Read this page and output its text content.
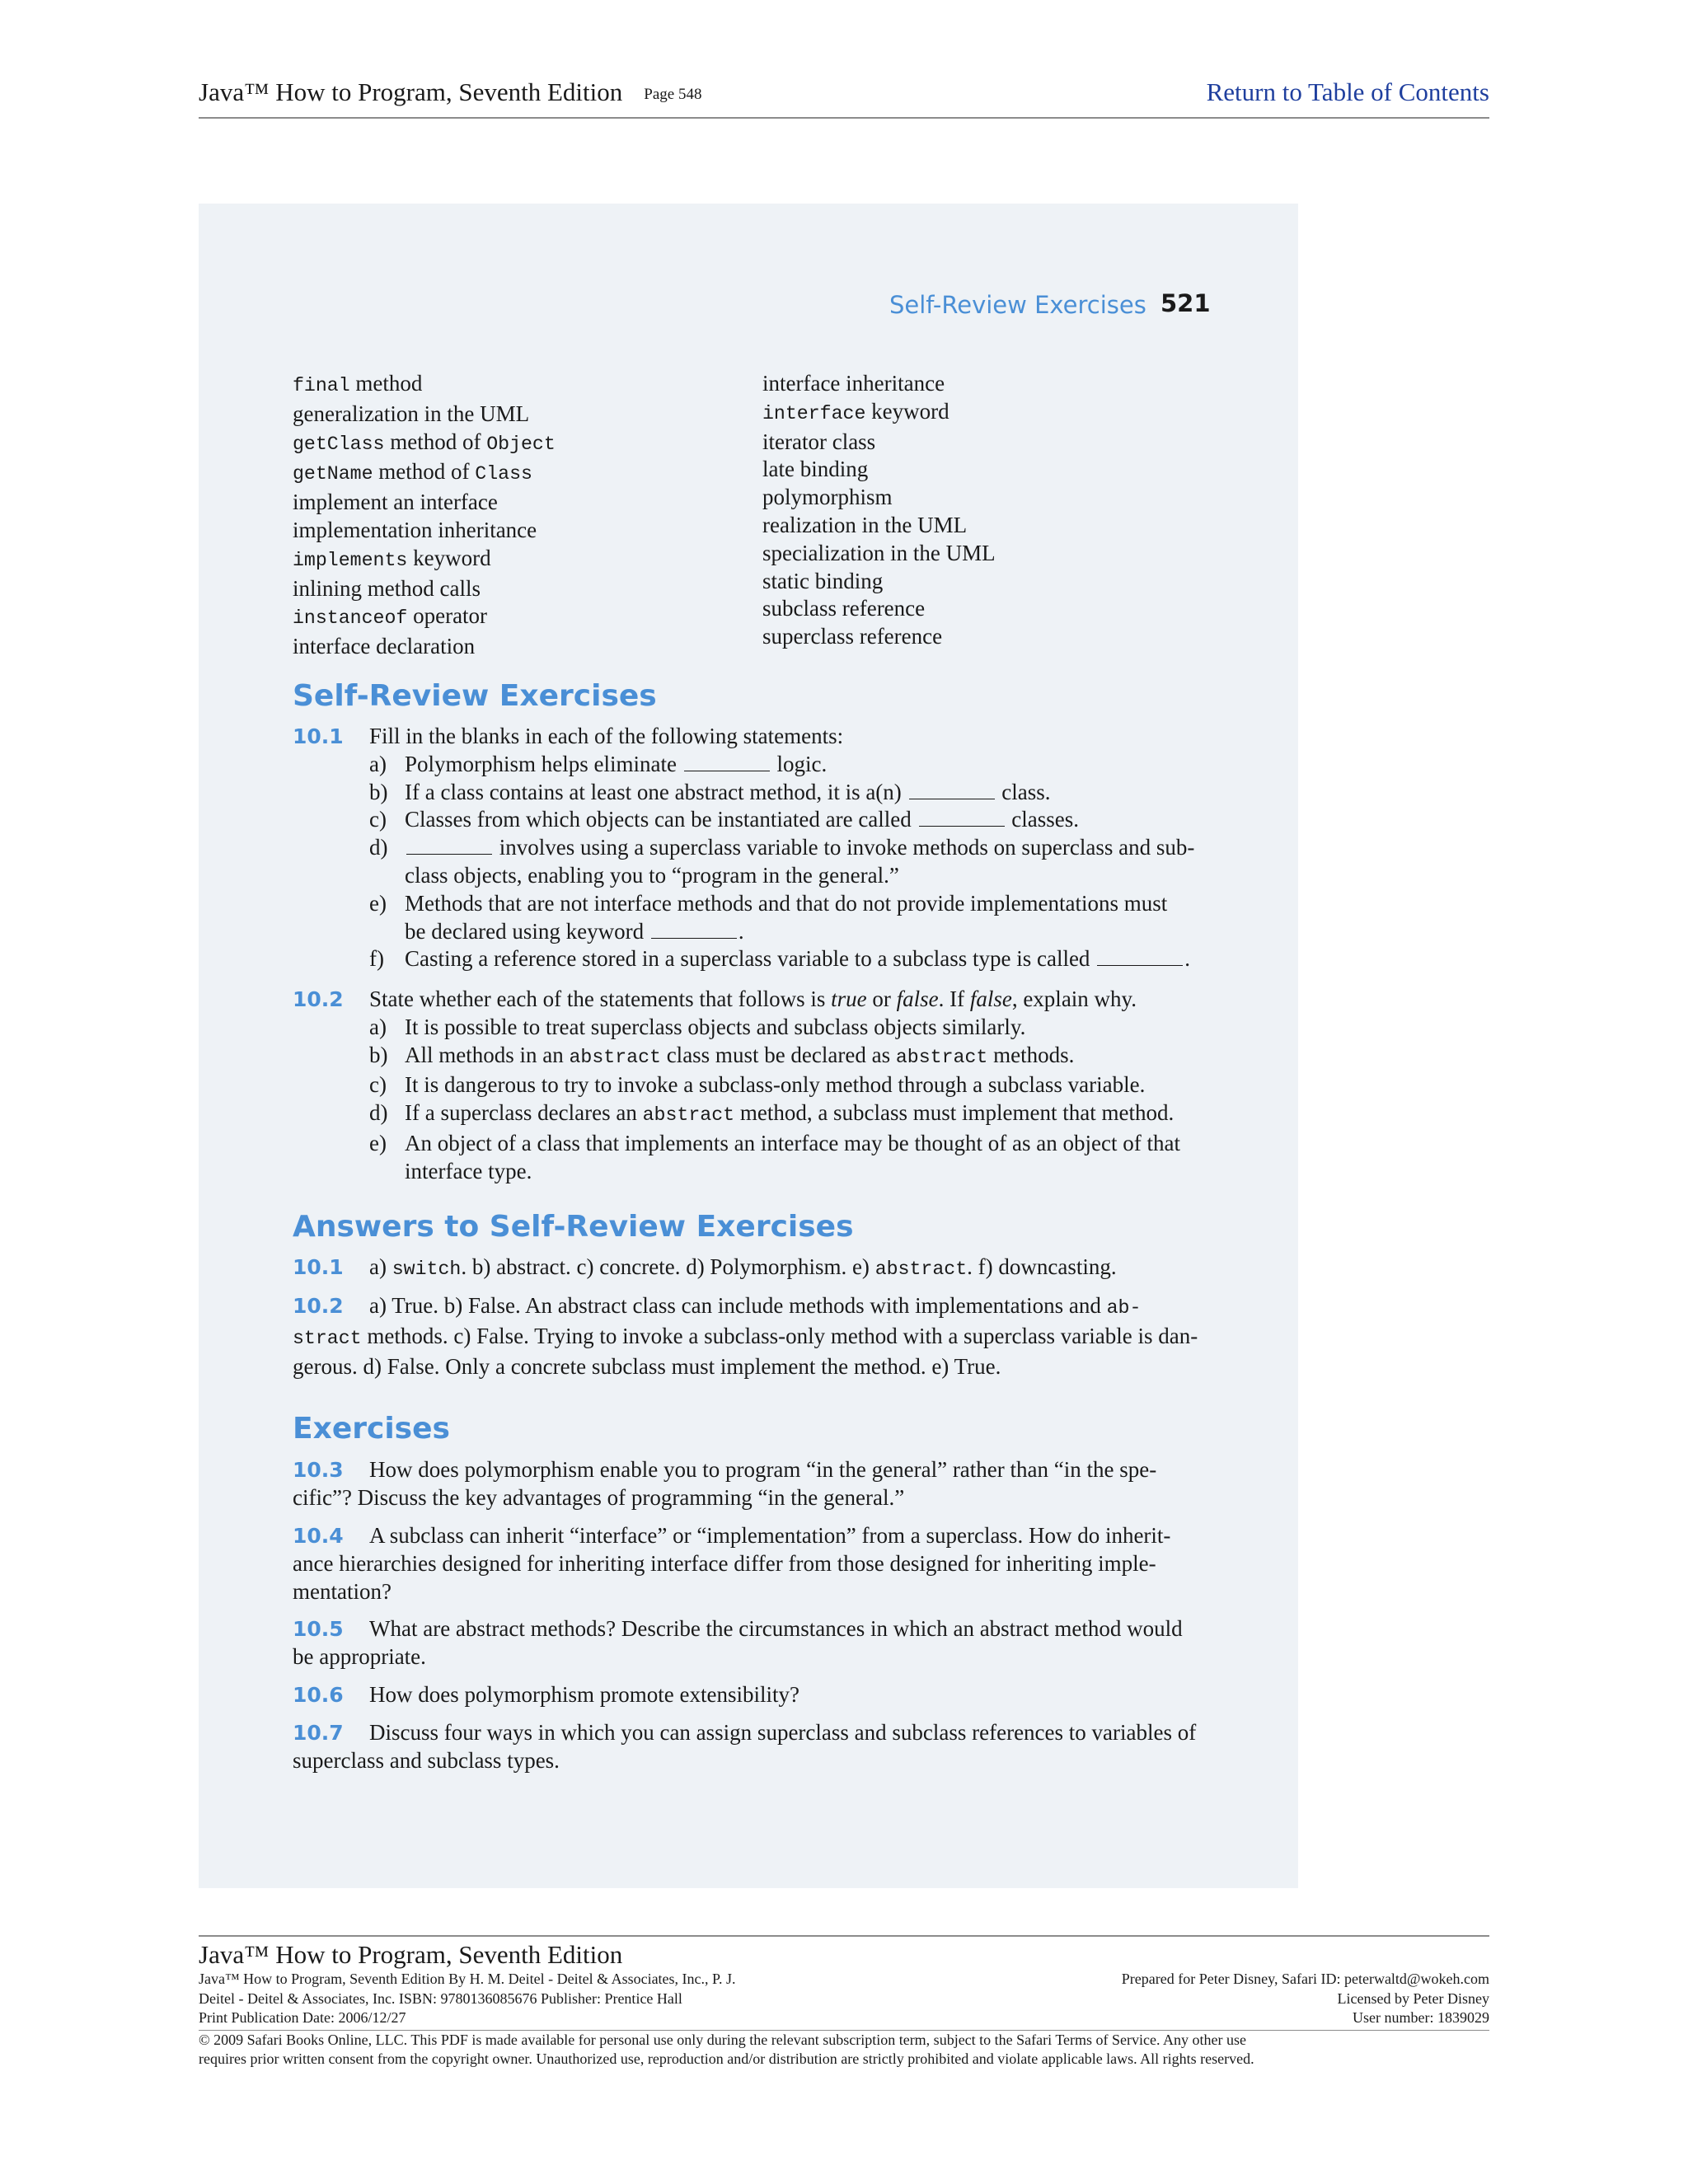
Java™ How to Program, Seventh Edition Page 548	Return to Table of Contents
Self-Review Exercises 521
final method
generalization in the UML
getClass method of Object
getName method of Class
implement an interface
implementation inheritance
implements keyword
inlining method calls
instanceof operator
interface declaration
interface inheritance
interface keyword
iterator class
late binding
polymorphism
realization in the UML
specialization in the UML
static binding
subclass reference
superclass reference
Self-Review Exercises
10.1 Fill in the blanks in each of the following statements:
a) Polymorphism helps eliminate	logic.
b) If a class contains at least one abstract method, it is a(n)	class.
c) Classes from which objects can be instantiated are called	classes.
d)	involves using a superclass variable to invoke methods on superclass and sub-
class objects, enabling you to “program in the general.”
e) Methods that are not interface methods and that do not provide implementations must
be declared using keyword	.
f) Casting a reference stored in a superclass variable to a subclass type is called	.
10.2 State whether each of the statements that follows is true or false. If false, explain why.
a) It is possible to treat superclass objects and subclass objects similarly.
b) All methods in an abstract class must be declared as abstract methods.
c) It is dangerous to try to invoke a subclass-only method through a subclass variable.
d) If a superclass declares an abstract method, a subclass must implement that method.
e) An object of a class that implements an interface may be thought of as an object of that
interface type.
Answers to Self-Review Exercises
10.1 a) switch. b) abstract. c) concrete. d) Polymorphism. e) abstract. f) downcasting.
10.2 a) True. b) False. An abstract class can include methods with implementations and ab-
stract methods. c) False. Trying to invoke a subclass-only method with a superclass variable is dan-
gerous. d) False. Only a concrete subclass must implement the method. e) True.
Exercises
10.3 How does polymorphism enable you to program “in the general” rather than “in the spe-
cific”? Discuss the key advantages of programming “in the general.”
10.4 A subclass can inherit “interface” or “implementation” from a superclass. How do inherit-
ance hierarchies designed for inheriting interface differ from those designed for inheriting imple-
mentation?
10.5 What are abstract methods? Describe the circumstances in which an abstract method would
be appropriate.
10.6 How does polymorphism promote extensibility?
10.7 Discuss four ways in which you can assign superclass and subclass references to variables of
superclass and subclass types.
Java™ How to Program, Seventh Edition
Java™ How to Program, Seventh Edition By H. M. Deitel - Deitel & Associates, Inc., P. J.
Deitel - Deitel & Associates, Inc. ISBN: 9780136085676 Publisher: Prentice Hall
Print Publication Date: 2006/12/27
Prepared for Peter Disney, Safari ID: peterwaltd@wokeh.com
Licensed by Peter Disney
User number: 1839029
© 2009 Safari Books Online, LLC. This PDF is made available for personal use only during the relevant subscription term, subject to the Safari Terms of Service. Any other use
requires prior written consent from the copyright owner. Unauthorized use, reproduction and/or distribution are strictly prohibited and violate applicable laws. All rights reserved.
